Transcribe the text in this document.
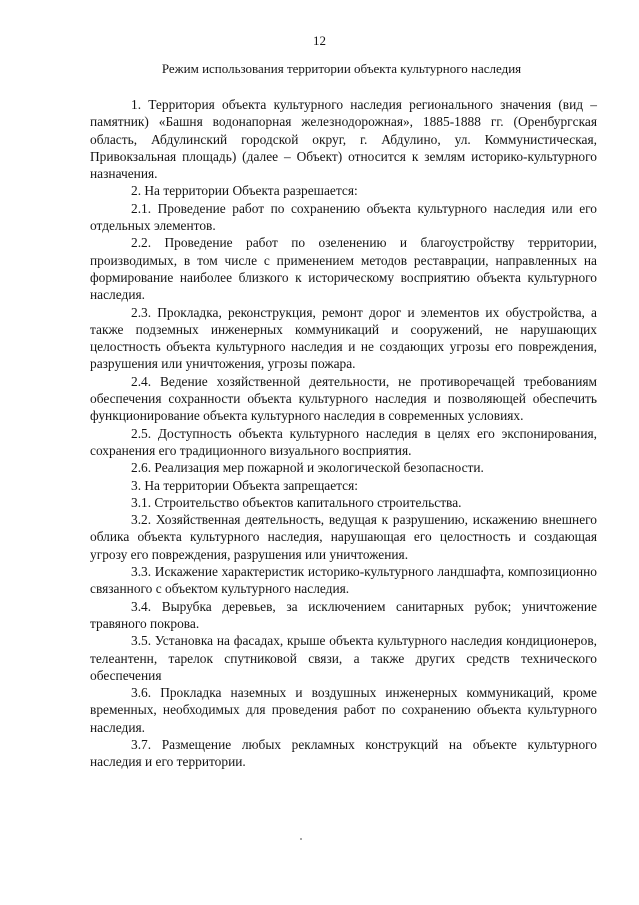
12
Режим использования территории объекта культурного наследия

1. Территория объекта культурного наследия регионального значения (вид – памятник) «Башня водонапорная железнодорожная», 1885-1888 гг. (Оренбургская область, Абдулинский городской округ, г. Абдулино, ул. Коммунистическая, Привокзальная площадь) (далее – Объект) относится к землям историко-культурного назначения.

2. На территории Объекта разрешается:

2.1. Проведение работ по сохранению объекта культурного наследия или его отдельных элементов.

2.2. Проведение работ по озеленению и благоустройству территории, производимых, в том числе с применением методов реставрации, направленных на формирование наиболее близкого к историческому восприятию объекта культурного наследия.

2.3. Прокладка, реконструкция, ремонт дорог и элементов их обустройства, а также подземных инженерных коммуникаций и сооружений, не нарушающих целостность объекта культурного наследия и не создающих угрозы его повреждения, разрушения или уничтожения, угрозы пожара.

2.4. Ведение хозяйственной деятельности, не противоречащей требованиям обеспечения сохранности объекта культурного наследия и позволяющей обеспечить функционирование объекта культурного наследия в современных условиях.

2.5. Доступность объекта культурного наследия в целях его экспонирования, сохранения его традиционного визуального восприятия.

2.6. Реализация мер пожарной и экологической безопасности.

3. На территории Объекта запрещается:

3.1. Строительство объектов капитального строительства.

3.2. Хозяйственная деятельность, ведущая к разрушению, искажению внешнего облика объекта культурного наследия, нарушающая его целостность и создающая угрозу его повреждения, разрушения или уничтожения.

3.3. Искажение характеристик историко-культурного ландшафта, композиционно связанного с объектом культурного наследия.

3.4. Вырубка деревьев, за исключением санитарных рубок; уничтожение травяного покрова.

3.5. Установка на фасадах, крыше объекта культурного наследия кондиционеров, телеантенн, тарелок спутниковой связи, а также других средств технического обеспечения

3.6. Прокладка наземных и воздушных инженерных коммуникаций, кроме временных, необходимых для проведения работ по сохранению объекта культурного наследия.

3.7. Размещение любых рекламных конструкций на объекте культурного наследия и его территории.
